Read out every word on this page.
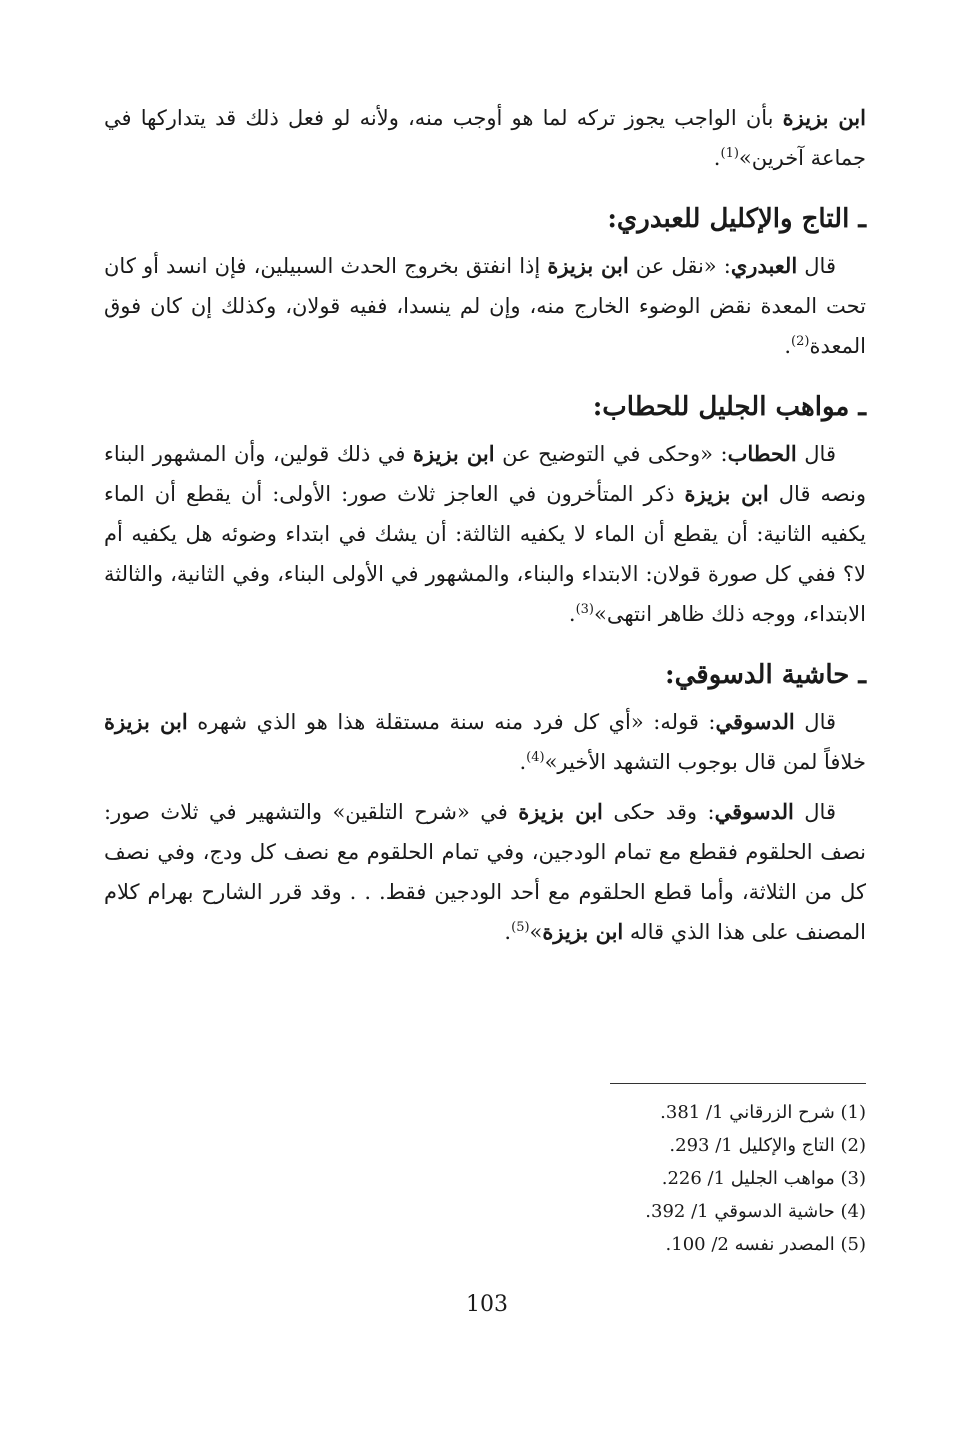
ابن بزيزة بأن الواجب يجوز تركه لما هو أوجب منه، ولأنه لو فعل ذلك قد يتداركها في جماعة آخرين»$^{(1)}$.

ـ التاج والإكليل للعبدري:

قال العبدري: «نقل عن ابن بزيزة إذا انفتق بخروج الحدث السبيلين، فإن انسد أو كان تحت المعدة نقض الوضوء الخارج منه، وإن لم ينسدا، ففيه قولان، وكذلك إن كان فوق المعدة$^{(2)}$.

ـ مواهب الجليل للحطاب:

قال الحطاب: «وحكى في التوضيح عن ابن بزيزة في ذلك قولين، وأن المشهور البناء ونصه قال ابن بزيزة ذكر المتأخرون في العاجز ثلاث صور: الأولى: أن يقطع أن الماء يكفيه الثانية: أن يقطع أن الماء لا يكفيه الثالثة: أن يشك في ابتداء وضوئه هل يكفيه أم لا؟ ففي كل صورة قولان: الابتداء والبناء، والمشهور في الأولى البناء، وفي الثانية، والثالثة الابتداء، ووجه ذلك ظاهر انتهى»$^{(3)}$.

ـ حاشية الدسوقي:

قال الدسوقي: قوله: «أي كل فرد منه سنة مستقلة هذا هو الذي شهره ابن بزيزة خلافاً لمن قال بوجوب التشهد الأخير»$^{(4)}$.

قال الدسوقي: وقد حكى ابن بزيزة في «شرح التلقين» والتشهير في ثلاث صور: نصف الحلقوم فقطع مع تمام الودجين، وفي تمام الحلقوم مع نصف كل ودج، وفي نصف كل من الثلاثة، وأما قطع الحلقوم مع أحد الودجين فقط. . . وقد قرر الشارح بهرام كلام المصنف على هذا الذي قاله ابن بزيزة»$^{(5)}$.

(1) شرح الزرقاني 1/ 381.
(2) التاج والإكليل 1/ 293.
(3) مواهب الجليل 1/ 226.
(4) حاشية الدسوقي 1/ 392.
(5) المصدر نفسه 2/ 100.
103
